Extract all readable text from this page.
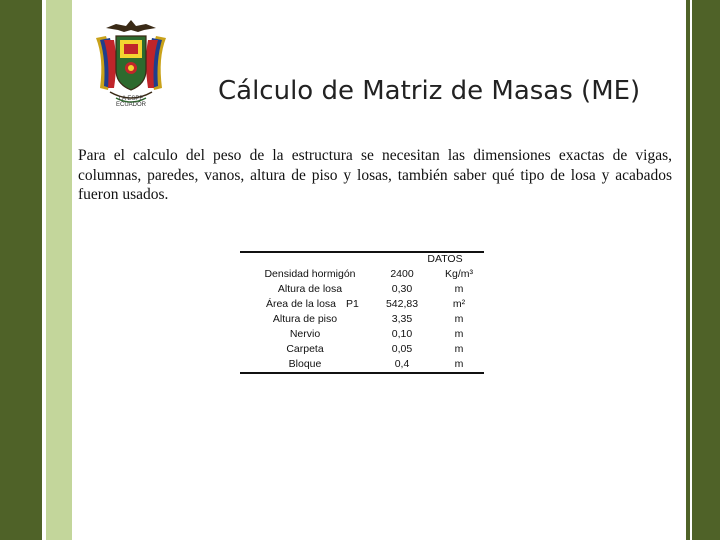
LA ESPE
ECUADOR	Cálculo de Matriz de Masas (ME)
Para el calculo del peso de la estructura se necesitan las dimensiones exactas de vigas, columnas, paredes, vanos, altura de piso y losas, también saber qué tipo de losa y acabados fueron usados.
DATOS
Densidad hormigón	2400	Kg/m³
Altura de losa	0,30	m
Área de la losa P1	542,83	m²
Altura de piso	3,35	m
Nervio	0,10	m
Carpeta	0,05	m
Bloque	0,4	m
